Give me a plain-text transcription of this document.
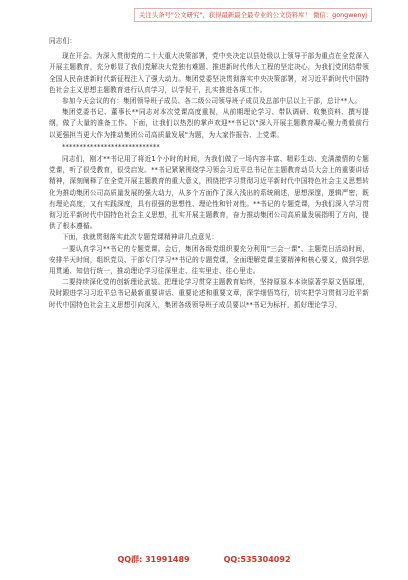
关注头条号"公文研究"，获得最新最全最专业的公文资料库！ 微信：gongwenyj

同志们：

现在开会。为深入贯彻党的二十大重大决策部署，党中央决定以县处级以上领导干部为重点在全党深入开展主题教育，充分彰显了我们党解决大党独有难题、推进新时代伟大工程的坚定决心，为我们党团结带领全国人民奋进新时代新征程注入了强大动力。集团党委坚决贯彻落实中央决策部署，对习近平新时代中国特色社会主义思想主题教育进行认真学习，以学促干，扎实推进各项工作。

参加今天会议的有：集团领导班子成员、各二级公司领导班子成员及总部中层以上干部，总计**人。

集团党委书记、董事长**同志对本次党课高度重视，从前期理论学习、带队调研、收集资料、撰写提纲，做了大量的准备工作。下面，让我们以热烈的掌声欢迎**书记以"深入开展主题教育凝心聚力勇毅前行以更强担当更大作为推动集团公司高质量发展"为题，为大家作报告、上党课。

****************************

同志们，刚才**书记用了将近1个小时的时间，为我们做了一场内容丰富、精彩生动、充满激情的专题党课，听了很受教育，很受启发。**书记紧紧围绕学习领会习近平总书记在主题教育动员大会上的重要讲话精神，深刻阐释了在全党开展主题教育的重大意义，围绕把学习贯彻习近平新时代中国特色社会主义思想转化为推动集团公司高质量发展的强大动力，从多个方面作了深入浅出的系统阐述，思想深邃，逻辑严密，既有理论高度，又有实践深度，具有很强的思想性、理论性和针对性。**书记的专题党课，为我们深入学习贯彻习近平新时代中国特色社会主义思想，扎实开展主题教育，奋力推动集团公司高质量发展指明了方向，提供了根本遵循。

下面，我就贯彻落实此次专题党课精神讲几点意见：

一要认真学习**书记的专题党课。会后，集团各级党组织要充分利用"三会一课"、主题党日活动时间，安排半天时间，组织党员、干部专门学习**书记的专题党课，全面理解党课主要精神和核心要义，做到学思用贯通、知信行统一，推动理论学习往深里走、往实里走、往心里走。

二要持续深化党的创新理论武装。把理论学习贯穿主题教育始终，坚持原原本本读原著学原文悟原理，及时跟进学习习近平总书记最新重要讲话、重要论述和重要文章，深学细悟笃行，切实把学习贯彻习近平新时代中国特色社会主义思想引向深入，集团各级领导班子成员要以**书记为标杆，抓好理论学习、

QQ群: 31991489	QQ:535304092
